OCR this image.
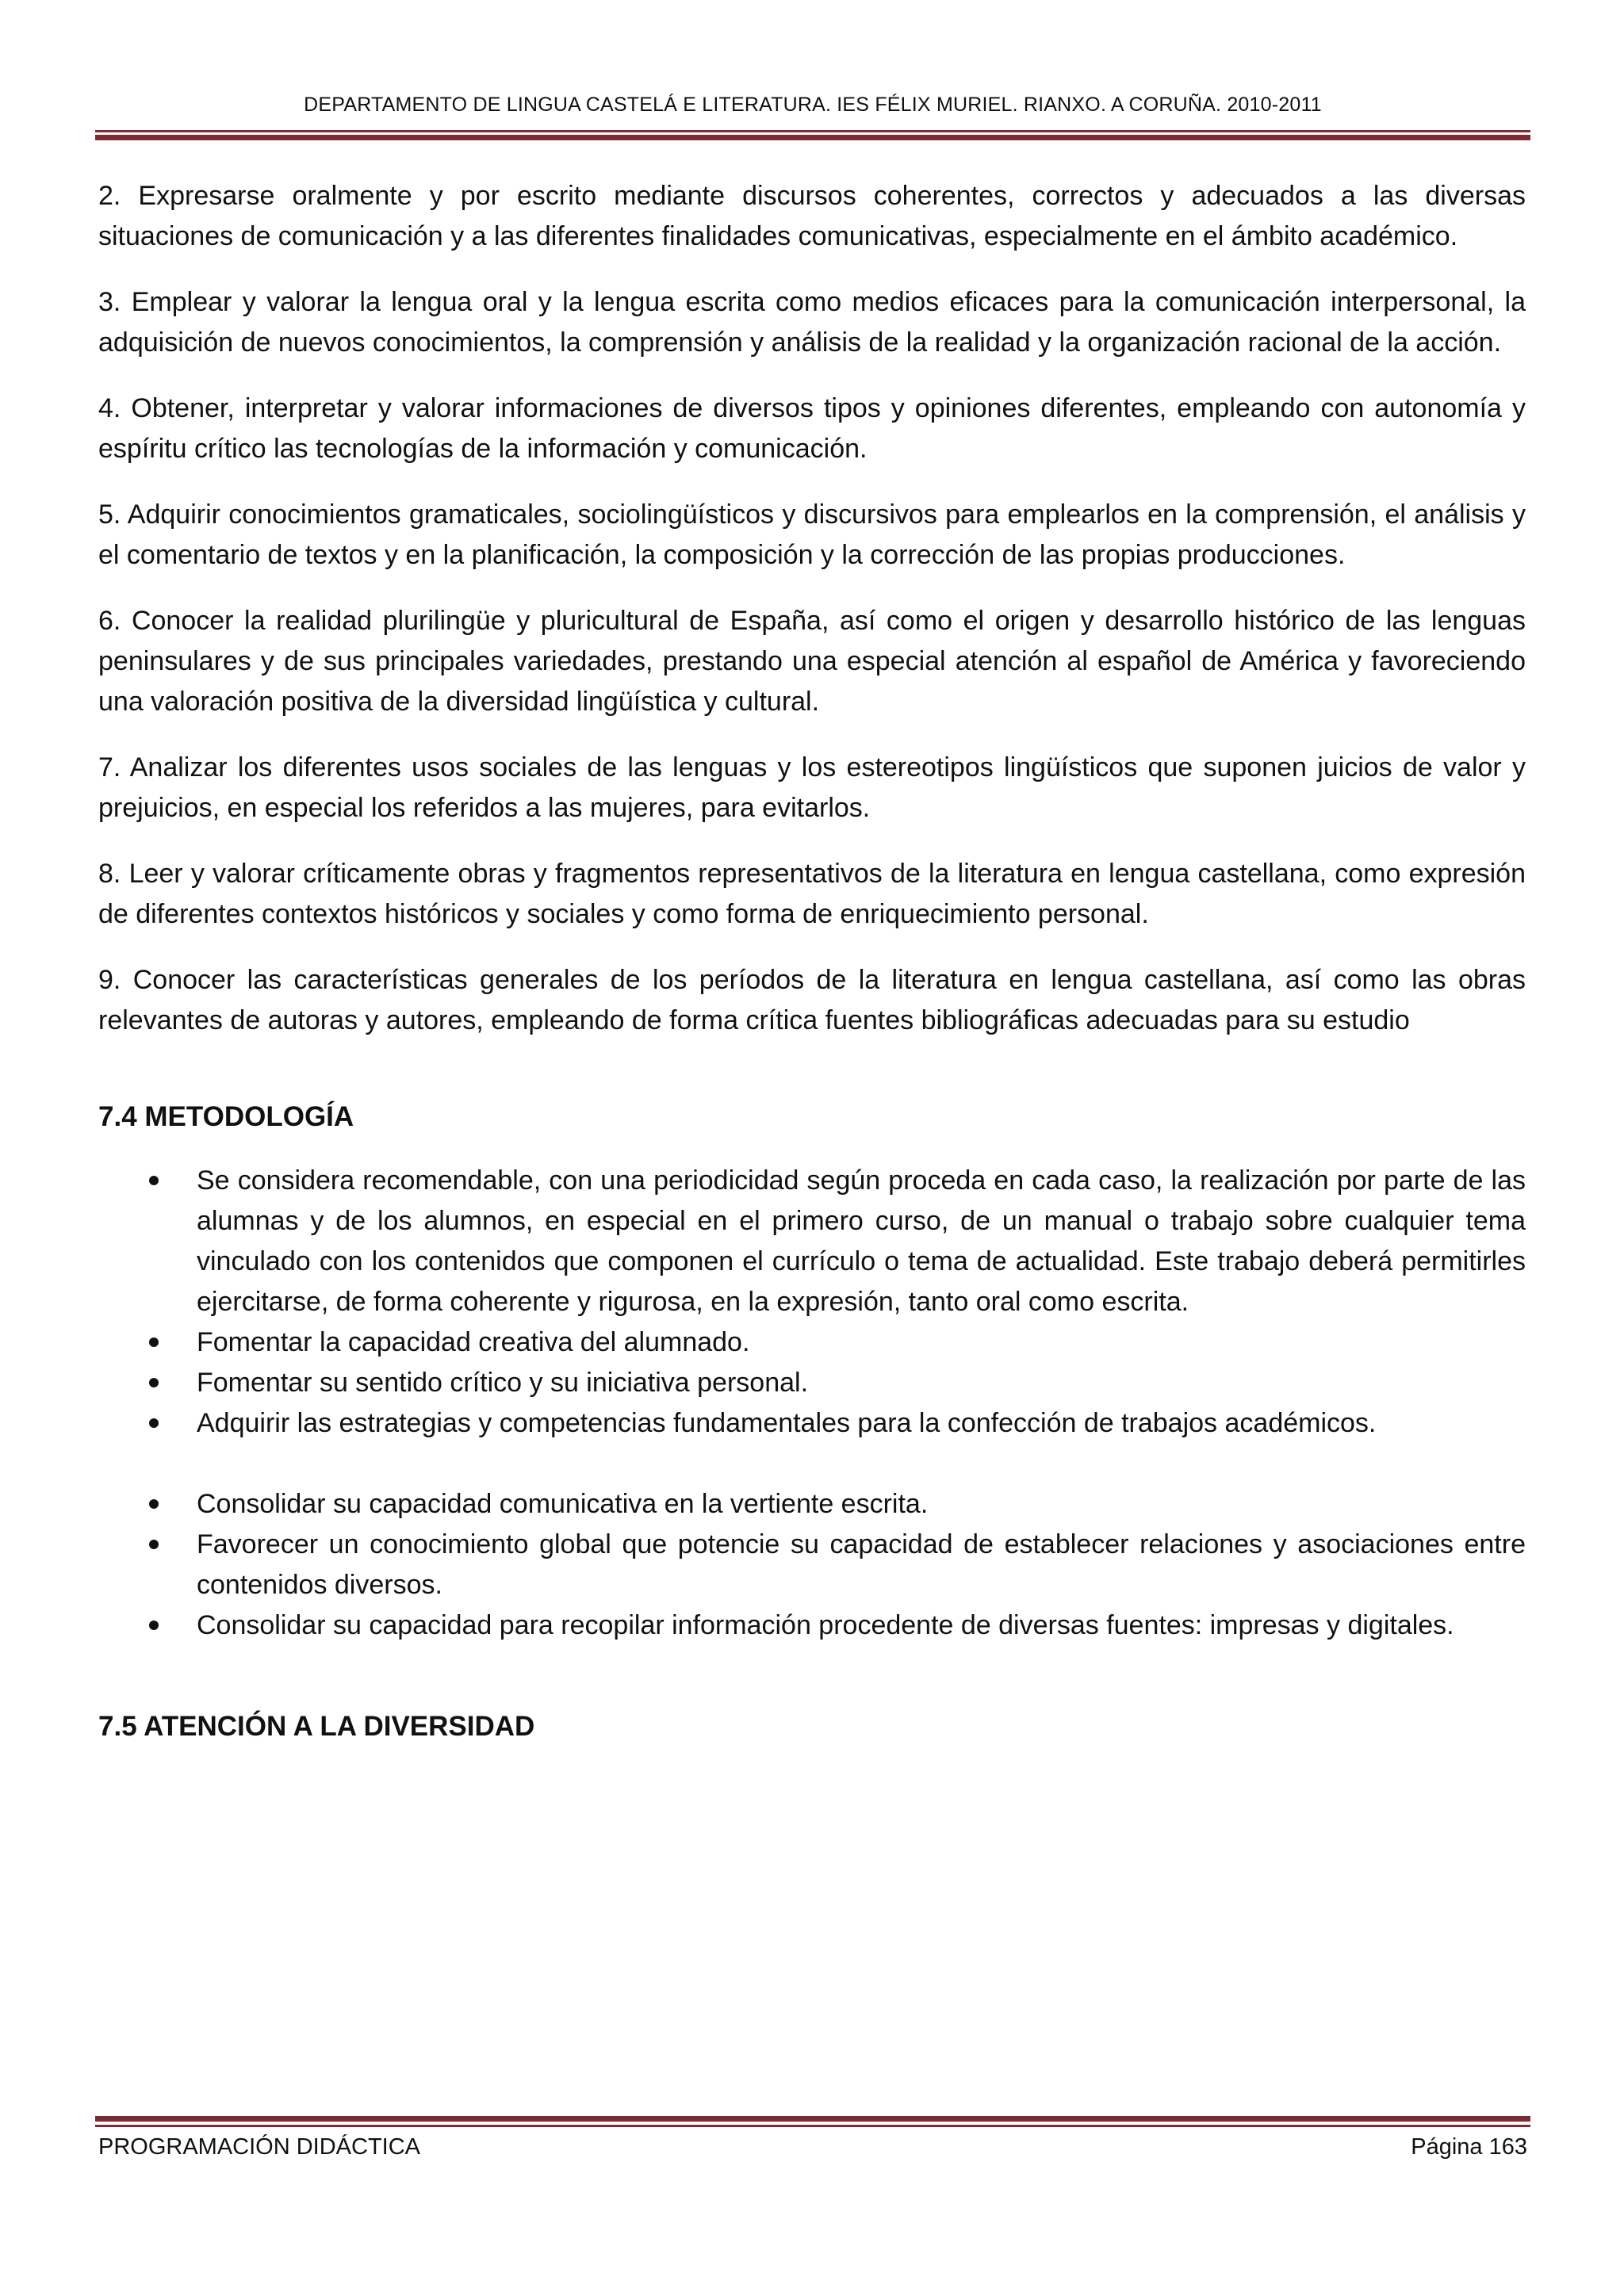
DEPARTAMENTO DE LINGUA CASTELÁ E LITERATURA. IES FÉLIX MURIEL. RIANXO. A CORUÑA. 2010-2011

2. Expresarse oralmente y por escrito mediante discursos coherentes, correctos y adecuados a las diversas situaciones de comunicación y a las diferentes finalidades comunicativas, especialmente en el ámbito académico.

3. Emplear y valorar la lengua oral y la lengua escrita como medios eficaces para la comunicación interpersonal, la adquisición de nuevos conocimientos, la comprensión y análisis de la realidad y la organización racional de la acción.

4. Obtener, interpretar y valorar informaciones de diversos tipos y opiniones diferentes, empleando con autonomía y espíritu crítico las tecnologías de la información y comunicación.

5. Adquirir conocimientos gramaticales, sociolingüísticos y discursivos para emplearlos en la comprensión, el análisis y el comentario de textos y en la planificación, la composición y la corrección de las propias producciones.

6. Conocer la realidad plurilingüe y pluricultural de España, así como el origen y desarrollo histórico de las lenguas peninsulares y de sus principales variedades, prestando una especial atención al español de América y favoreciendo una valoración positiva de la diversidad lingüística y cultural.

7. Analizar los diferentes usos sociales de las lenguas y los estereotipos lingüísticos que suponen juicios de valor y prejuicios, en especial los referidos a las mujeres, para evitarlos.

8. Leer y valorar críticamente obras y fragmentos representativos de la literatura en lengua castellana, como expresión de diferentes contextos históricos y sociales y como forma de enriquecimiento personal.

9. Conocer las características generales de los períodos de la literatura en lengua castellana, así como las obras relevantes de autoras y autores, empleando de forma crítica fuentes bibliográficas adecuadas para su estudio

7.4 METODOLOGÍA
Se considera recomendable, con una periodicidad según proceda en cada caso, la realización por parte de las alumnas y de los alumnos, en especial en el primero curso, de un manual o trabajo sobre cualquier tema vinculado con los contenidos que componen el currículo o tema de actualidad. Este trabajo deberá permitirles ejercitarse, de forma coherente y rigurosa, en la expresión, tanto oral como escrita.
Fomentar la capacidad creativa del alumnado.
Fomentar su sentido crítico y su iniciativa personal.
Adquirir las estrategias y competencias fundamentales para la confección de trabajos académicos.
Consolidar su capacidad comunicativa en la vertiente escrita.
Favorecer un conocimiento global que potencie su capacidad de establecer relaciones y asociaciones entre contenidos diversos.
Consolidar su capacidad para recopilar información procedente de diversas fuentes: impresas y digitales.
7.5 ATENCIÓN A LA DIVERSIDAD
PROGRAMACIÓN DIDÁCTICA	Página 163
